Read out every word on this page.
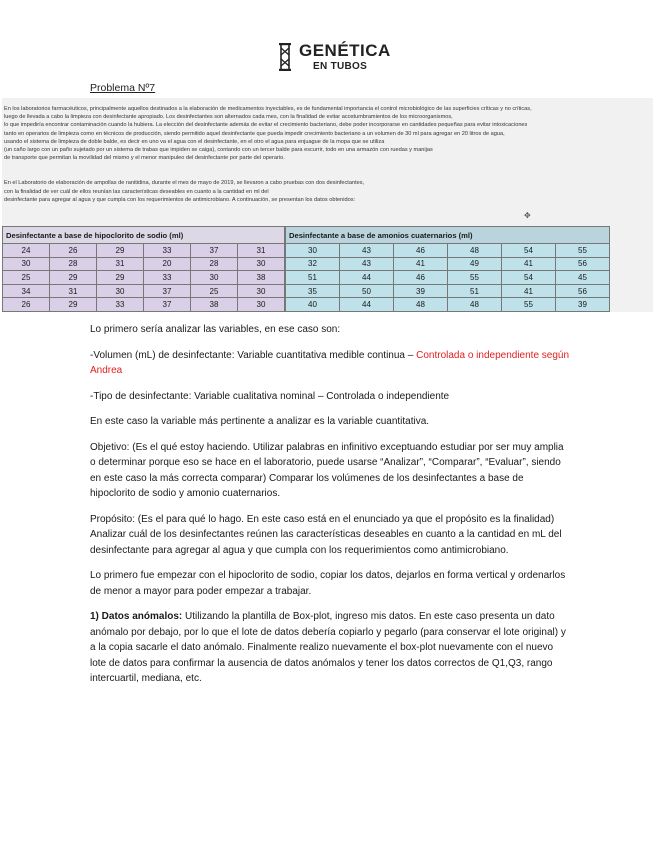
GENÉTICA
EN TUBOS
Problema Nº7

En los laboratorios farmacéuticos, principalmente aquellos destinados a la elaboración de medicamentos inyectables, es de fundamental importancia el control microbiológico de las superficies críticas y no críticas,

luego de llevada a cabo la limpieza con desinfectante apropiado. Los desinfectantes son alternados cada mes, con la finalidad de evitar acostumbramientos de los microorganismos,

lo que impediría encontrar contaminación cuando la hubiera. La elección del desinfectante además de evitar el crecimiento bacteriano, debe poder incorporarse en cantidades pequeñas para evitar intoxicaciones

tanto en operarios de limpieza como en técnicos de producción, siendo permitido aquel desinfectante que pueda impedir crecimiento bacteriano a un volumen de 30 ml para agregar en 20 litros de agua,

usando el sistema de limpieza de doble balde, es decir en uno va el agua con el desinfectante, en el otro el agua para enjuague de la mopa que se utiliza

(un caño largo con un paño sujetado por un sistema de trabas que impiden se caiga), contando con un tercer balde para escurrir, todo en una armazón con ruedas y manijas

de transporte que permitan la movilidad del mismo y el menor manipuleo del desinfectante por parte del operario.

En el Laboratorio de elaboración de ampollas de ranitidina, durante el mes de mayo de 2019, se llevaron a cabo pruebas con dos desinfectantes,

con la finalidad de ver cuál de ellos reunían las características deseables en cuanto a la cantidad en ml del

desinfectante para agregar al agua y que cumpla con los requerimientos de antimicrobiano. A continuación, se presentan los datos obtenidos:

✥
Desinfectante a base de hipoclorito de sodio (ml)					
24	26	29	33	37	31
30	28	31	20	28	30
25	29	29	33	30	38
34	31	30	37	25	30
26	29	33	37	38	30
Desinfectante a base de amonios cuaternarios (ml)					
30	43	46	48	54	55
32	43	41	49	41	56
51	44	46	55	54	45
35	50	39	51	41	56
40	44	48	48	55	39

Lo primero sería analizar las variables, en ese caso son:

-Volumen (mL) de desinfectante: Variable cuantitativa medible continua – Controlada o independiente según Andrea

-Tipo de desinfectante: Variable cualitativa nominal – Controlada o independiente

En este caso la variable más pertinente a analizar es la variable cuantitativa.

Objetivo: (Es el qué estoy haciendo. Utilizar palabras en infinitivo exceptuando estudiar por ser muy amplia o determinar porque eso se hace en el laboratorio, puede usarse “Analizar”, “Comparar”, “Evaluar”, siendo en este caso la más correcta comparar) Comparar los volúmenes de los desinfectantes a base de hipoclorito de sodio y amonio cuaternarios.

Propósito: (Es el para qué lo hago. En este caso está en el enunciado ya que el propósito es la finalidad) Analizar cuál de los desinfectantes reúnen las características deseables en cuanto a la cantidad en mL del desinfectante para agregar al agua y que cumpla con los requerimientos como antimicrobiano.

Lo primero fue empezar con el hipoclorito de sodio, copiar los datos, dejarlos en forma vertical y ordenarlos de menor a mayor para poder empezar a trabajar.

1) Datos anómalos: Utilizando la plantilla de Box-plot, ingreso mis datos. En este caso presenta un dato anómalo por debajo, por lo que el lote de datos debería copiarlo y pegarlo (para conservar el lote original) y a la copia sacarle el dato anómalo. Finalmente realizo nuevamente el box-plot nuevamente con el nuevo lote de datos para confirmar la ausencia de datos anómalos y tener los datos correctos de Q1,Q3, rango intercuartil, mediana, etc.
